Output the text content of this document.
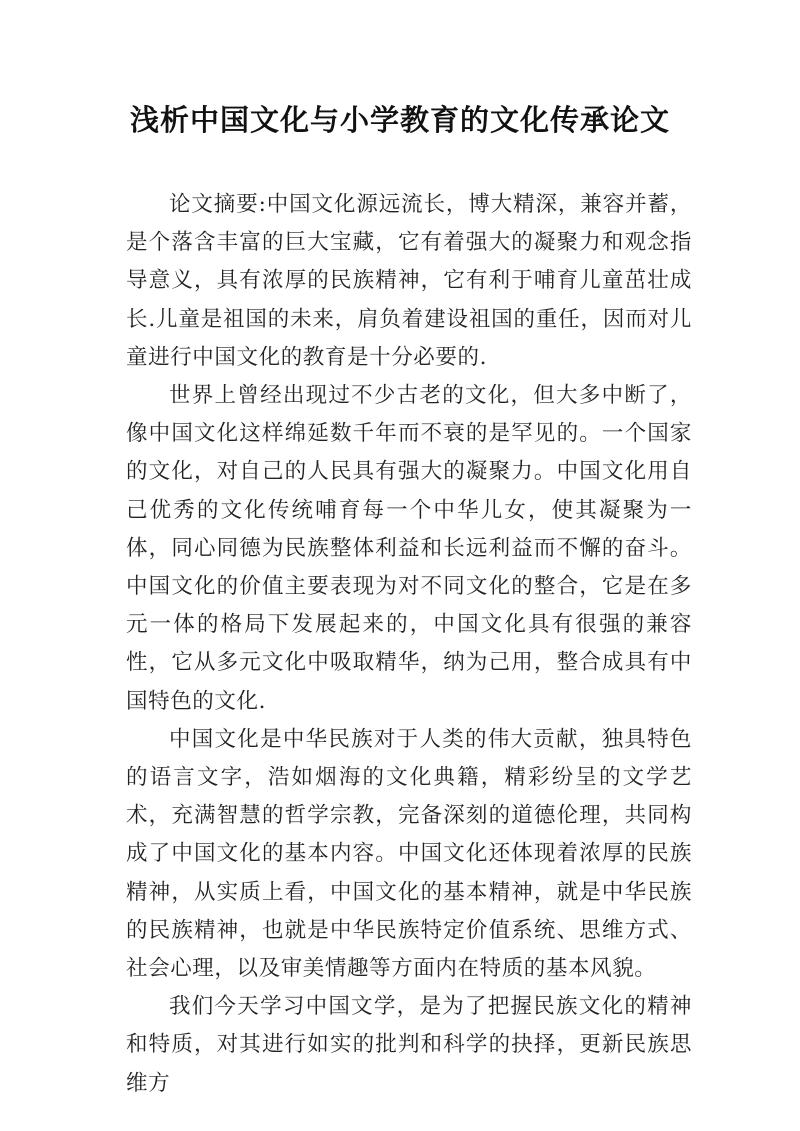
浅析中国文化与小学教育的文化传承论文

论文摘要:中国文化源远流长，博大精深，兼容并蓄，是个落含丰富的巨大宝藏，它有着强大的凝聚力和观念指导意义，具有浓厚的民族精神，它有利于哺育儿童茁壮成长.儿童是祖国的未来，肩负着建设祖国的重任，因而对儿童进行中国文化的教育是十分必要的.

世界上曾经出现过不少古老的文化，但大多中断了，像中国文化这样绵延数千年而不衰的是罕见的。一个国家的文化，对自己的人民具有强大的凝聚力。中国文化用自己优秀的文化传统哺育每一个中华儿女，使其凝聚为一体，同心同德为民族整体利益和长远利益而不懈的奋斗。中国文化的价值主要表现为对不同文化的整合，它是在多元一体的格局下发展起来的，中国文化具有很强的兼容性，它从多元文化中吸取精华，纳为己用，整合成具有中国特色的文化.

中国文化是中华民族对于人类的伟大贡献，独具特色的语言文字，浩如烟海的文化典籍，精彩纷呈的文学艺术，充满智慧的哲学宗教，完备深刻的道德伦理，共同构成了中国文化的基本内容。中国文化还体现着浓厚的民族精神，从实质上看，中国文化的基本精神，就是中华民族的民族精神，也就是中华民族特定价值系统、思维方式、社会心理，以及审美情趣等方面内在特质的基本风貌。

我们今天学习中国文学，是为了把握民族文化的精神和特质，对其进行如实的批判和科学的抉择，更新民族思维方
